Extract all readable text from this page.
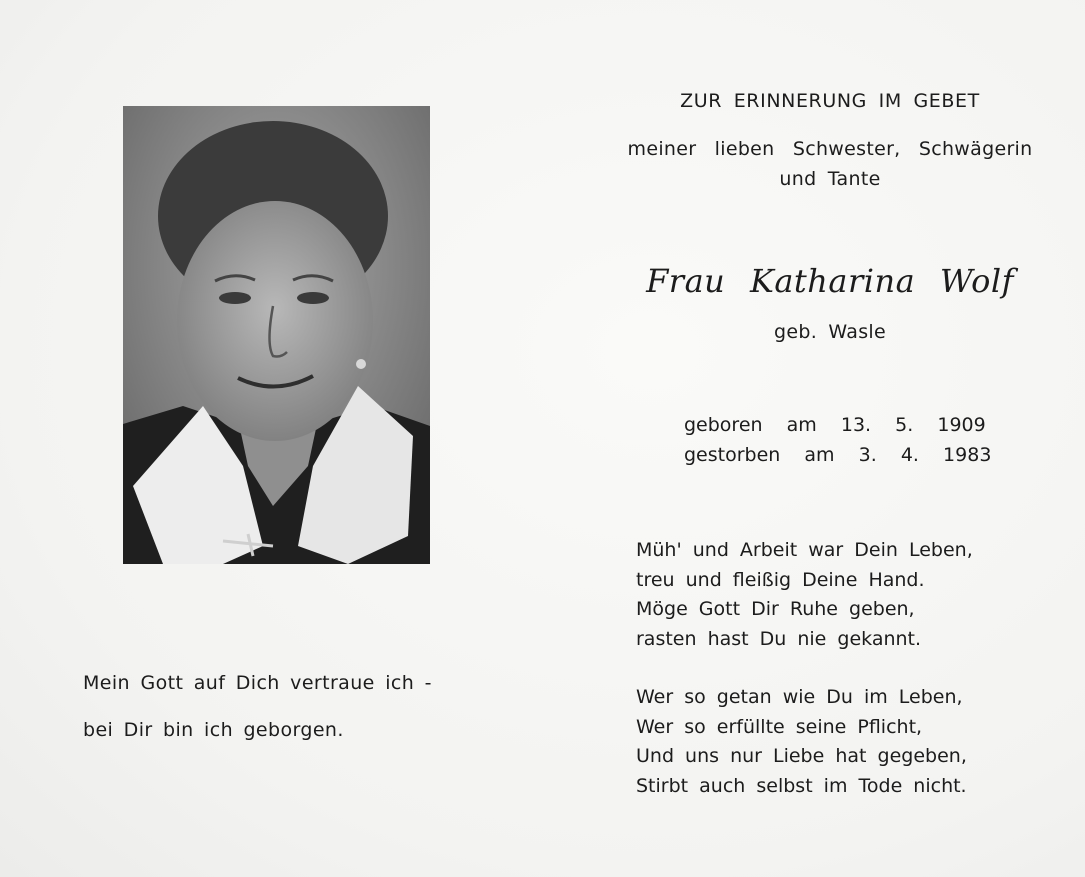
Mein Gott auf Dich vertraue ich -
bei Dir bin ich geborgen.
ZUR ERINNERUNG IM GEBET
meiner lieben Schwester, Schwägerin
und Tante
Frau Katharina Wolf
geb. Wasle
geboren  am  13.  5.  1909
gestorben  am  3.  4.  1983
Müh' und Arbeit war Dein Leben,
treu und fleißig Deine Hand.
Möge Gott Dir Ruhe geben,
rasten hast Du nie gekannt.
Wer so getan wie Du im Leben,
Wer so erfüllte seine Pflicht,
Und uns nur Liebe hat gegeben,
Stirbt auch selbst im Tode nicht.
